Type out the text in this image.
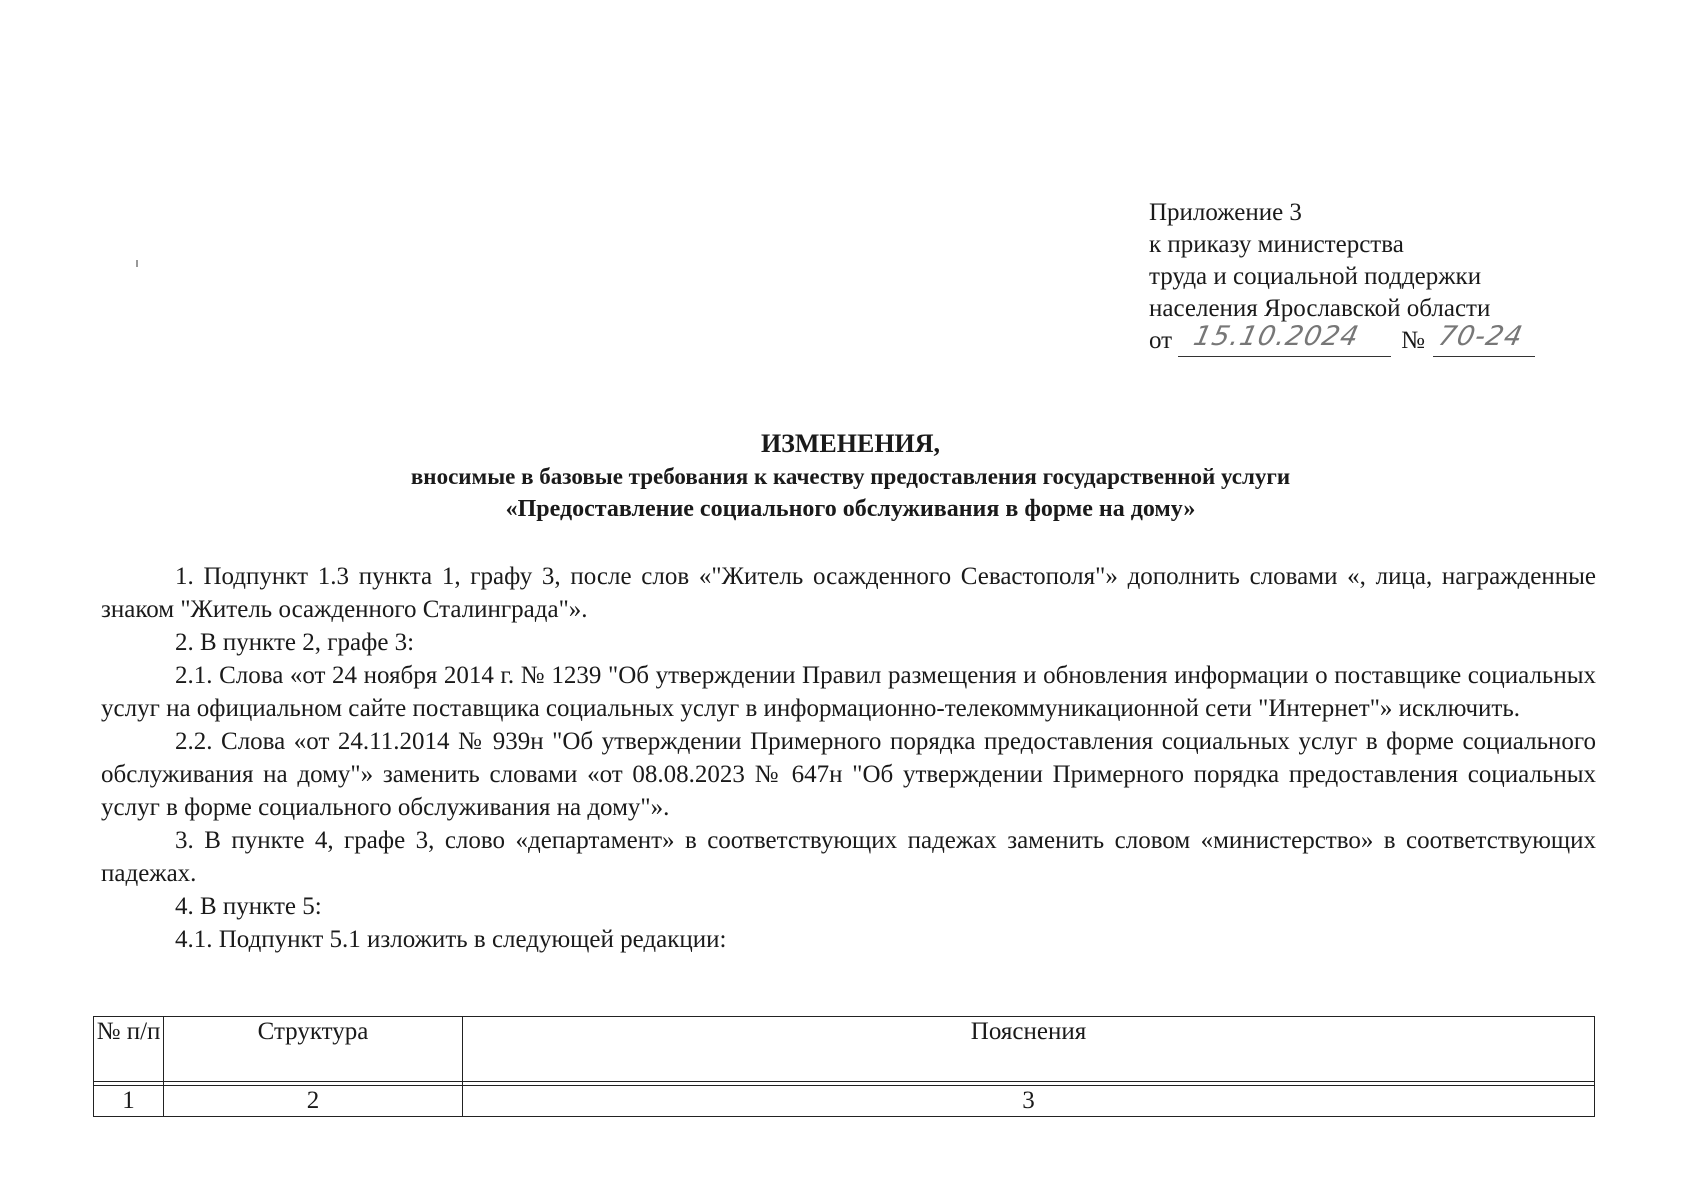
Приложение 3
к приказу министерства
труда и социальной поддержки
населения Ярославской области
от 15.10.2024 № 70-24
ИЗМЕНЕНИЯ,
вносимые в базовые требования к качеству предоставления государственной услуги
«Предоставление социального обслуживания в форме на дому»

1. Подпункт 1.3 пункта 1, графу 3, после слов «"Житель осажденного Севастополя"» дополнить словами «, лица, награжденные знаком "Житель осажденного Сталинграда"».

2. В пункте 2, графе 3:

2.1. Слова «от 24 ноября 2014 г. № 1239 "Об утверждении Правил размещения и обновления информации о поставщике социальных услуг на официальном сайте поставщика социальных услуг в информационно-телекоммуникационной сети "Интернет"» исключить.

2.2. Слова «от 24.11.2014 № 939н "Об утверждении Примерного порядка предоставления социальных услуг в форме социального обслуживания на дому"» заменить словами «от 08.08.2023 № 647н "Об утверждении Примерного порядка предоставления социальных услуг в форме социального обслуживания на дому"».

3. В пункте 4, графе 3, слово «департамент» в соответствующих падежах заменить словом «министерство» в соответствующих падежах.

4. В пункте 5:

4.1. Подпункт 5.1 изложить в следующей редакции:

№ п/п	Структура	Пояснения

1	2	3
